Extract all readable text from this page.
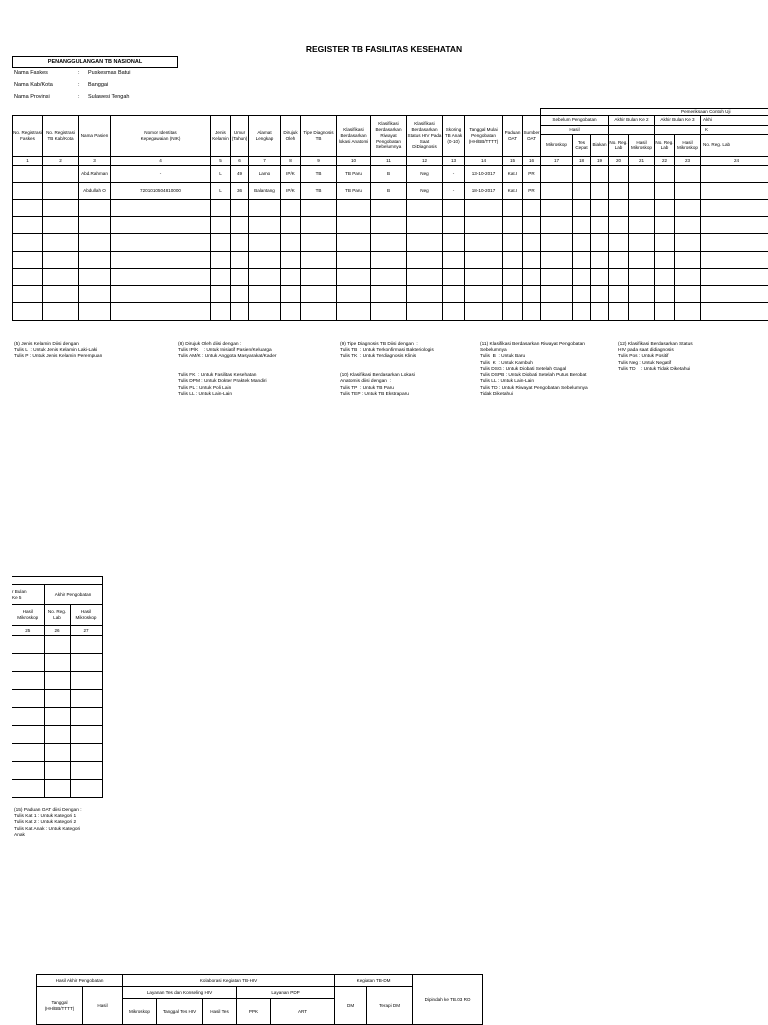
REGISTER TB FASILITAS KESEHATAN
PENANGGULANGAN TB NASIONAL
Nama Faskes	: Puskesmas Batui
Nama Kab/Kota	: Banggai
Nama Provinsi	: Sulawesi Tengah
																Pemeriksaan Contoh Uji							
No. Registrasi Faskes	No. Registrasi TB Kab/Kota	Nama Pasien	Nomor Identitas Kepegawaian (NIK)	Jenis Kelamin	Umur (Tahun)	Alamat Lengkap	Dirujuk Oleh	Tipe Diagnosis TB	Klasifikasi Berdasarkan lokasi Anatomi	Klasifikasi Berdasarkan Riwayat Pengobatan Sebelumnya	Klasifikasi Berdasarkan Status HIV Pada Saat DiDiagnosis	Skoring TB Anak (0-10)	Tanggal Mulai Pengobatan (HH/BB/TTTT)	Paduan OAT	Sumber OAT	Sebelum Pengobatan			Akhir Bulan Ke 2		Akhir Bulan Ke 3		Akhi
																Hasil							K
																Mikroskop	Tes Cepat	Biakan	No. Reg. Lab	Hasil Mikroskop	No. Reg. Lab	Hasil Mikroskop	No. Reg. Lab

1	2	3	4	5	6	7	8	9	10	11	12	13	14	15	16	17	18	19	20	21	22	23	24
		Abd.Rahman	-	L	49	Lamo	IP/K	TB	TB Paru	B	Neg	-	13-10-2017	Kat.I	PR								
		Abdullah O	7201010504810000	L	36	Balantang	IP/K	TB	TB Paru	B	Neg	-	18-10-2017	Kat.I	PR								

(5) Jenis Kelamin Diisi dengan
Tulis L  : Untuk Jenis Kelamin Laki-Laki
Tulis P : Untuk Jenis Kelamin Perempuan
(8) Dirujuk Oleh diisi dengan :
Tulis IP/K    : Untuk Inisiatif Pasien/Keluarga
Tulis AM/K : Untuk Anggota Masyarakat/Kader

Tulis FK  : Untuk Fasilitas Kesehatan
Tulis DPM : Untuk Dokter Praktek Mandiri
Tulis PL : Untuk Poli Lain
Tulis LL : Untuk Lain-Lain
(9) Tipe Diagnosis TB Diisi dengan  :
Tulis TB  : Untuk Terkonfirmasi Bakteriologis
Tulis TK  : Untuk Terdiagnosis Klinis

(10) Klasifikasi Berdasarkan Lokasi
Anatomis diisi dengan  :
Tulis TP  : Untuk TB Paru
Tulis TEP : Untuk TB Ekstraparu
(11) Klasifikasi Berdasarkan Riwayat Pengobatan
Sebelumnya
Tulis  B  : Untuk Baru
Tulis  K  : Untuk Kambuh
Tulis DSG : Untuk Diobati Setelah Gagal
Tulis DSPB : Untuk Diobati Setelah Putus Berobat
Tulis LL : Untuk Lain-Lain
Tulis TD : Untuk Riwayat Pengobatan Sebelumnya
Tidak Diketahui
(12) Klasifikasi Berdasarkan Status
HIV pada saat didiagnosis
Tulis Pos : Untuk Positif
Tulis Neg : Untuk Negatif
Tulis TD    : Untuk Tidak Diketahui

r Bulan
Ke 5	Akhir Pengobatan	
Hasil
Mikroskop	No. Reg. Lab	Hasil Mikroskop
25	26	27

(15) Paduan OAT diisi Dengan :
Tulis Kat 1 : Untuk Kategori 1
Tulis Kat 2 : Untuk Kategori 2
Tulis Kat Anak : Untuk Kategori
Anak
Hasil Akhir Pengobatan		Kolaborasi Kegiatan TB-HIV					Kegiatan TB-DM		Dipindah ke TB.03 RO	
Tanggal (HH/BB/TTTT)	Hasil	Layanan Tes dan Konseling HIV			Layanan PDP		DM	Terapi DM		
		Mikroskop	Tanggal Tes HIV	Hasil Tes	PPK	ART				
